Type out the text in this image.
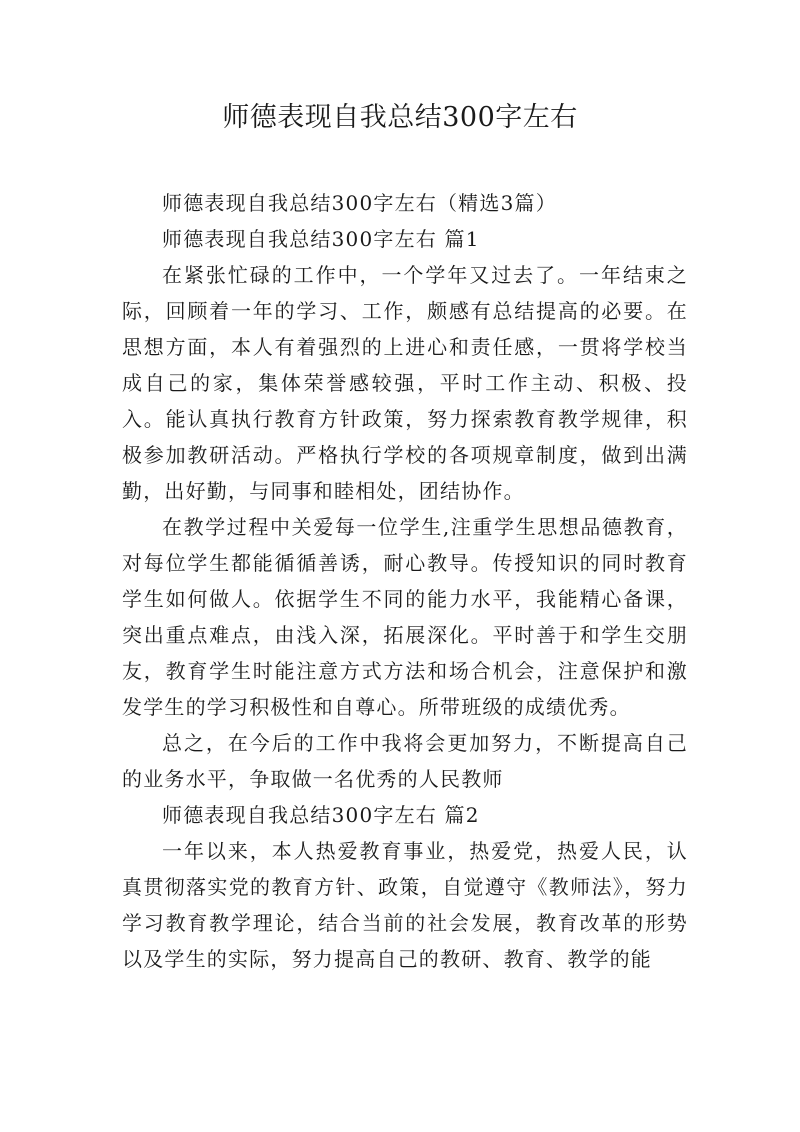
师德表现自我总结300字左右

师德表现自我总结300字左右（精选3篇）

师德表现自我总结300字左右 篇1

在紧张忙碌的工作中，一个学年又过去了。一年结束之际，回顾着一年的学习、工作，颇感有总结提高的必要。在思想方面，本人有着强烈的上进心和责任感，一贯将学校当成自己的家，集体荣誉感较强，平时工作主动、积极、投入。能认真执行教育方针政策，努力探索教育教学规律，积极参加教研活动。严格执行学校的各项规章制度，做到出满勤，出好勤，与同事和睦相处，团结协作。

在教学过程中关爱每一位学生,注重学生思想品德教育，对每位学生都能循循善诱，耐心教导。传授知识的同时教育学生如何做人。依据学生不同的能力水平，我能精心备课，突出重点难点，由浅入深，拓展深化。平时善于和学生交朋友，教育学生时能注意方式方法和场合机会，注意保护和激发学生的学习积极性和自尊心。所带班级的成绩优秀。

总之，在今后的工作中我将会更加努力，不断提高自己的业务水平，争取做一名优秀的人民教师

师德表现自我总结300字左右 篇2

一年以来，本人热爱教育事业，热爱党，热爱人民，认真贯彻落实党的教育方针、政策，自觉遵守《教师法》，努力学习教育教学理论，结合当前的社会发展，教育改革的形势以及学生的实际，努力提高自己的教研、教育、教学的能
